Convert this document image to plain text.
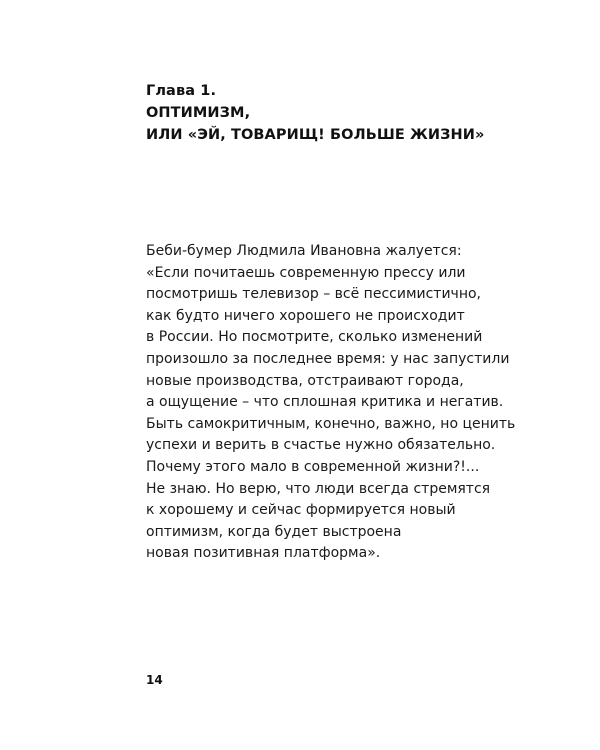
Глава 1.
ОПТИМИЗМ,
ИЛИ «ЭЙ, ТОВАРИЩ! БОЛЬШЕ ЖИЗНИ»
Беби-бумер Людмила Ивановна жалуется:
«Если почитаешь современную прессу или
посмотришь телевизор – всё пессимистично,
как будто ничего хорошего не происходит
в России. Но посмотрите, сколько изменений
произошло за последнее время: у нас запустили
новые производства, отстраивают города,
а ощущение – что сплошная критика и негатив.
Быть самокритичным, конечно, важно, но ценить
успехи и верить в счастье нужно обязательно.
Почему этого мало в современной жизни?!...
Не знаю. Но верю, что люди всегда стремятся
к хорошему и сейчас формируется новый
оптимизм, когда будет выстроена
новая позитивная платформа».
14
